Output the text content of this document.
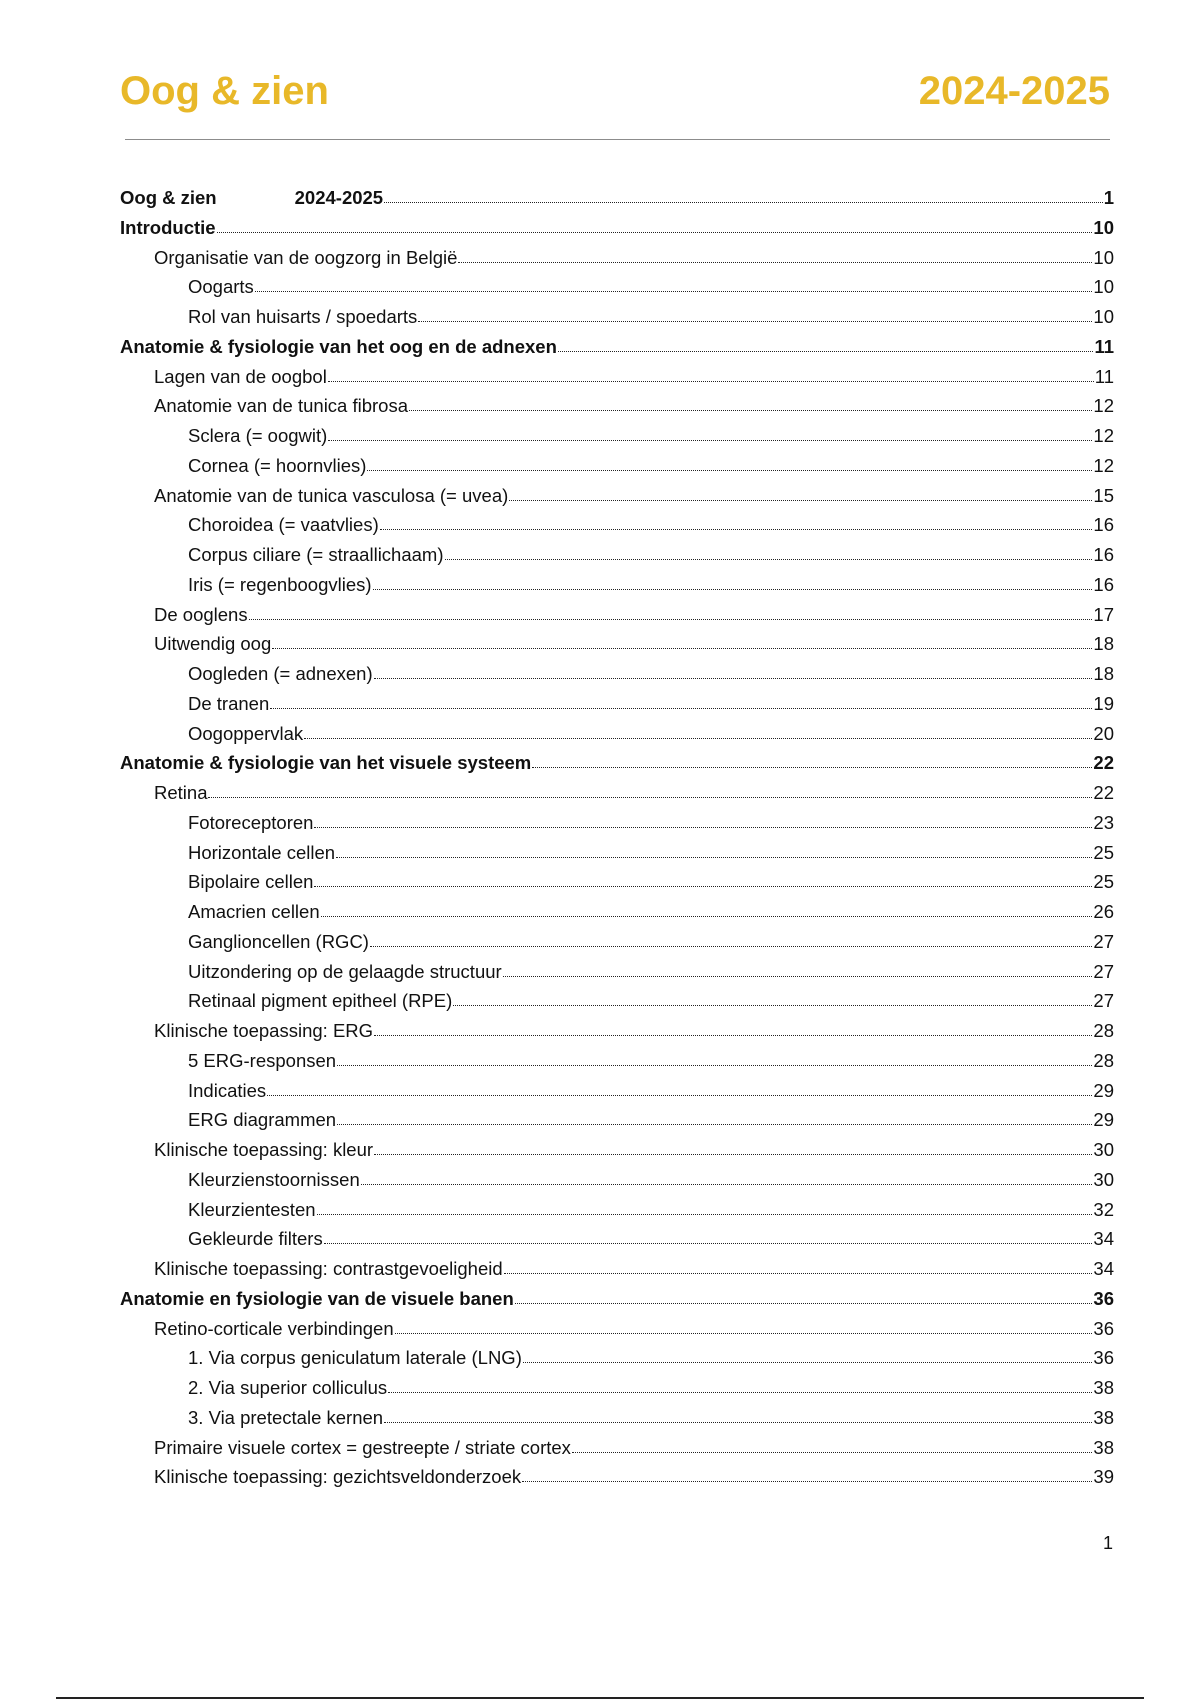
Oog & zien	2024-2025
Oog & zien	2024-2025	1
Introductie	10
Organisatie van de oogzorg in België	10
Oogarts	10
Rol van huisarts / spoedarts	10
Anatomie & fysiologie van het oog en de adnexen	11
Lagen van de oogbol	11
Anatomie van de tunica fibrosa	12
Sclera (= oogwit)	12
Cornea (= hoornvlies)	12
Anatomie van de tunica vasculosa (= uvea)	15
Choroidea (= vaatvlies)	16
Corpus ciliare (= straallichaam)	16
Iris (= regenboogvlies)	16
De ooglens	17
Uitwendig oog	18
Oogleden (= adnexen)	18
De tranen	19
Oogoppervlak	20
Anatomie & fysiologie van het visuele systeem	22
Retina	22
Fotoreceptoren	23
Horizontale cellen	25
Bipolaire cellen	25
Amacrien cellen	26
Ganglioncellen (RGC)	27
Uitzondering op de gelaagde structuur	27
Retinaal pigment epitheel (RPE)	27
Klinische toepassing: ERG	28
5 ERG-responsen	28
Indicaties	29
ERG diagrammen	29
Klinische toepassing: kleur	30
Kleurzienstoornissen	30
Kleurzientesten	32
Gekleurde filters	34
Klinische toepassing: contrastgevoeligheid	34
Anatomie en fysiologie van de visuele banen	36
Retino-corticale verbindingen	36
1. Via corpus geniculatum laterale (LNG)	36
2. Via superior colliculus	38
3. Via pretectale kernen	38
Primaire visuele cortex = gestreepte / striate cortex	38
Klinische toepassing: gezichtsveldonderzoek	39
1
